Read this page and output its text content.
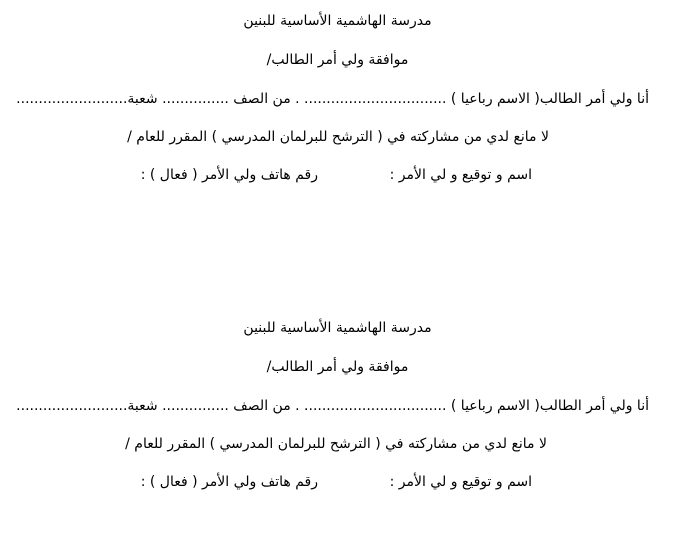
مدرسة الهاشمية الأساسية للبنين
موافقة ولي أمر الطالب/
أنا ولي أمر الطالب( الاسم رباعيا ) ................................ . من الصف ............... شعبة.........................
لا مانع لدي من مشاركته في ( الترشح للبرلمان المدرسي ) المقرر للعام /
اسم و توقيع و لي الأمر :
رقم هاتف ولي الأمر ( فعال ) :
مدرسة الهاشمية الأساسية للبنين
موافقة ولي أمر الطالب/
أنا ولي أمر الطالب( الاسم رباعيا ) ................................ . من الصف ............... شعبة.........................
لا مانع لدي من مشاركته في ( الترشح للبرلمان المدرسي ) المقرر للعام /
اسم و توقيع و لي الأمر :
رقم هاتف ولي الأمر ( فعال ) :
